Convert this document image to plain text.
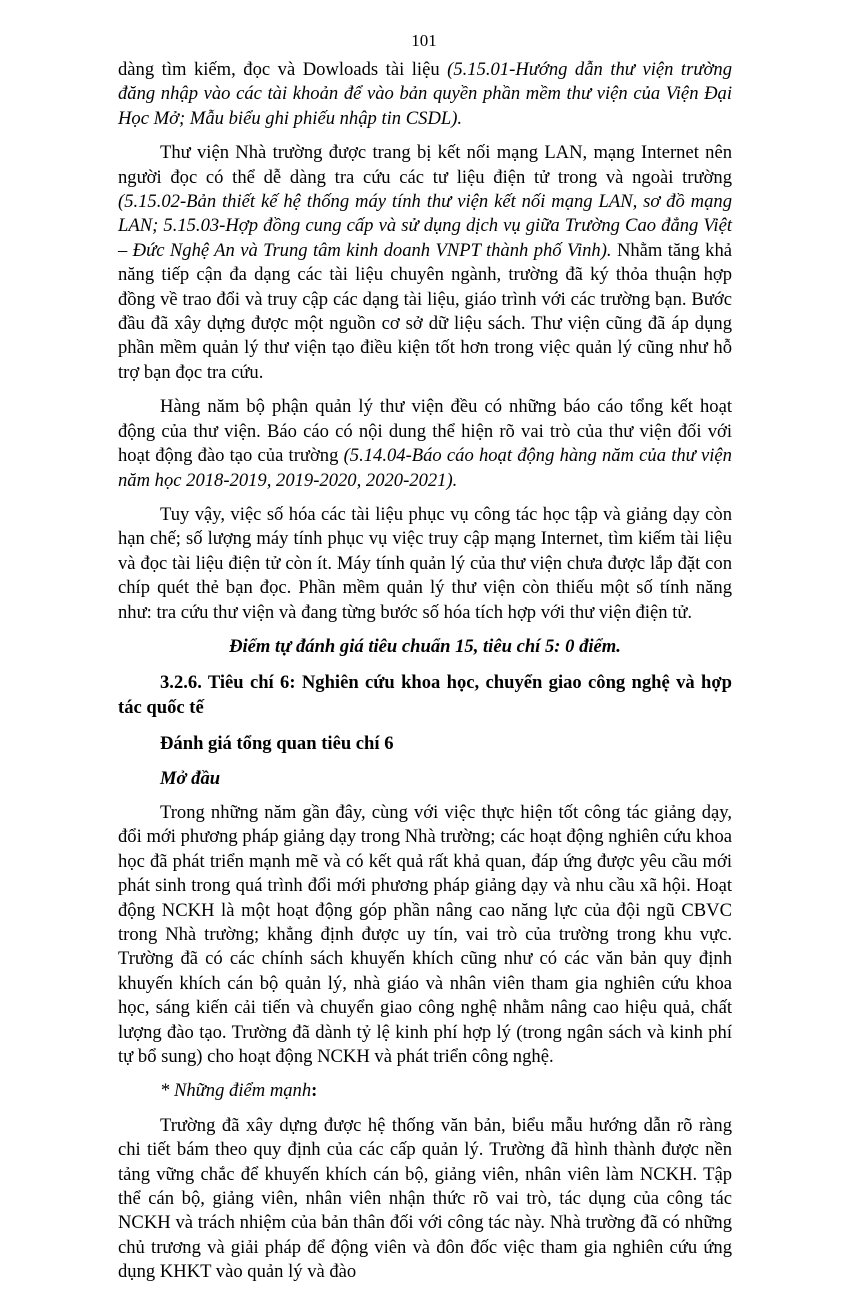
101

dàng tìm kiếm, đọc và Dowloads tài liệu (5.15.01-Hướng dẫn thư viện trường đăng nhập vào các tài khoản để vào bản quyền phần mềm thư viện của Viện Đại Học Mở; Mẫu biểu ghi phiếu nhập tin CSDL).

Thư viện Nhà trường được trang bị kết nối mạng LAN, mạng Internet nên người đọc có thể dễ dàng tra cứu các tư liệu điện tử trong và ngoài trường (5.15.02-Bản thiết kế hệ thống máy tính thư viện kết nối mạng LAN, sơ đồ mạng LAN; 5.15.03-Hợp đồng cung cấp và sử dụng dịch vụ giữa Trường Cao đẳng Việt – Đức Nghệ An và Trung tâm kinh doanh VNPT thành phố Vinh). Nhằm tăng khả năng tiếp cận đa dạng các tài liệu chuyên ngành, trường đã ký thỏa thuận hợp đồng về trao đổi và truy cập các dạng tài liệu, giáo trình với các trường bạn. Bước đầu đã xây dựng được một nguồn cơ sở dữ liệu sách. Thư viện cũng đã áp dụng phần mềm quản lý thư viện tạo điều kiện tốt hơn trong việc quản lý cũng như hỗ trợ bạn đọc tra cứu.

Hàng năm bộ phận quản lý thư viện đều có những báo cáo tổng kết hoạt động của thư viện. Báo cáo có nội dung thể hiện rõ vai trò của thư viện đối với hoạt động đào tạo của trường (5.14.04-Báo cáo hoạt động hàng năm của thư viện năm học 2018-2019, 2019-2020, 2020-2021).

Tuy vậy, việc số hóa các tài liệu phục vụ công tác học tập và giảng dạy còn hạn chế; số lượng máy tính phục vụ việc truy cập mạng Internet, tìm kiếm tài liệu và đọc tài liệu điện tử còn ít. Máy tính quản lý của thư viện chưa được lắp đặt con chíp quét thẻ bạn đọc. Phần mềm quản lý thư viện còn thiếu một số tính năng như: tra cứu thư viện và đang từng bước số hóa tích hợp với thư viện điện tử.

Điểm tự đánh giá tiêu chuẩn 15, tiêu chí 5: 0 điểm.

3.2.6. Tiêu chí 6: Nghiên cứu khoa học, chuyển giao công nghệ và hợp tác quốc tế

Đánh giá tổng quan tiêu chí 6

Mở đầu

Trong những năm gần đây, cùng với việc thực hiện tốt công tác giảng dạy, đổi mới phương pháp giảng dạy trong Nhà trường; các hoạt động nghiên cứu khoa học đã phát triển mạnh mẽ và có kết quả rất khả quan, đáp ứng được yêu cầu mới phát sinh trong quá trình đổi mới phương pháp giảng dạy và nhu cầu xã hội. Hoạt động NCKH là một hoạt động góp phần nâng cao năng lực của đội ngũ CBVC trong Nhà trường; khẳng định được uy tín, vai trò của trường trong khu vực. Trường đã có các chính sách khuyến khích cũng như có các văn bản quy định khuyến khích cán bộ quản lý, nhà giáo và nhân viên tham gia nghiên cứu khoa học, sáng kiến cải tiến và chuyển giao công nghệ nhằm nâng cao hiệu quả, chất lượng đào tạo. Trường đã dành tỷ lệ kinh phí hợp lý (trong ngân sách và kinh phí tự bổ sung) cho hoạt động NCKH và phát triển công nghệ.

* Những điểm mạnh:

Trường đã xây dựng được hệ thống văn bản, biểu mẫu hướng dẫn rõ ràng chi tiết bám theo quy định của các cấp quản lý. Trường đã hình thành được nền tảng vững chắc để khuyến khích cán bộ, giảng viên, nhân viên làm NCKH. Tập thể cán bộ, giảng viên, nhân viên nhận thức rõ vai trò, tác dụng của công tác NCKH và trách nhiệm của bản thân đối với công tác này. Nhà trường đã có những chủ trương và giải pháp để động viên và đôn đốc việc tham gia nghiên cứu ứng dụng KHKT vào quản lý và đào
